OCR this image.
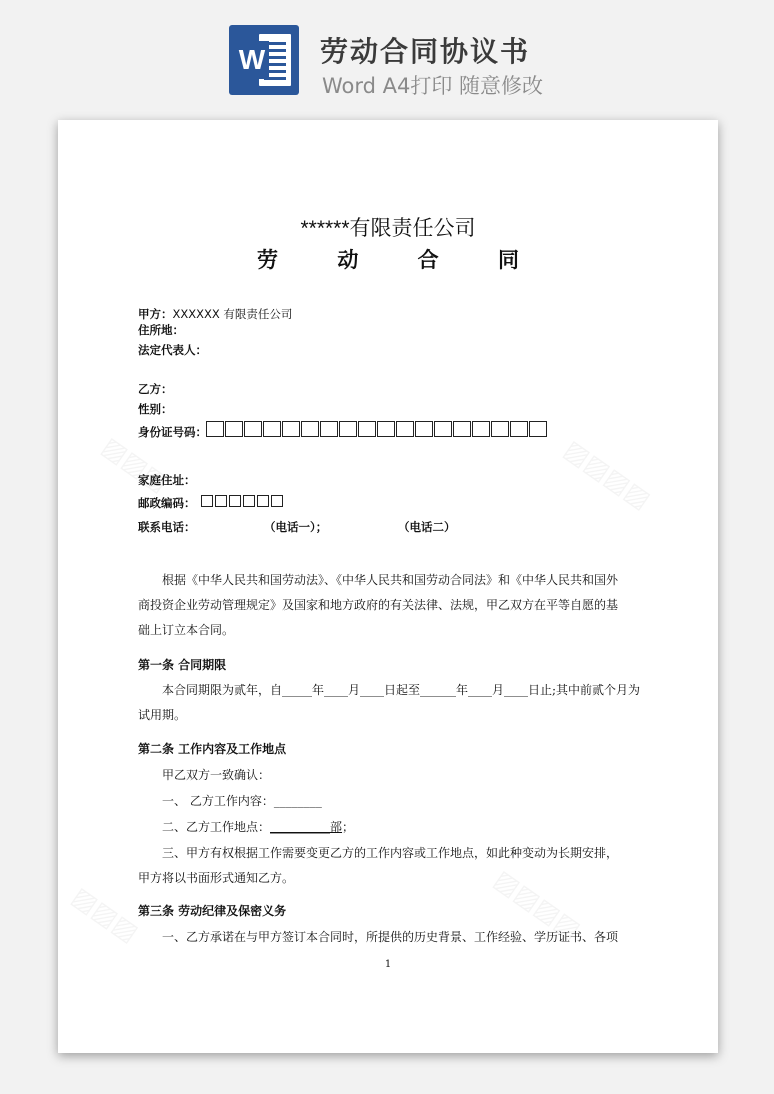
W 劳动合同协议书
Word A4打印 随意修改
******有限责任公司
劳 动 合 同
甲方：XXXXXX 有限责任公司
住所地：
法定代表人：
乙方：
性别：
身份证号码：
家庭住址：
邮政编码：
联系电话：	（电话一）；	（电话二）
根据《中华人民共和国劳动法》、《中华人民共和国劳动合同法》和《中华人民共和国外
商投资企业劳动管理规定》及国家和地方政府的有关法律、法规，甲乙双方在平等自愿的基
础上订立本合同。
第一条 合同期限
本合同期限为贰年，自_____年____月____日起至______年____月____日止;其中前贰个月为
试用期。
第二条 工作内容及工作地点
甲乙双方一致确认：
一、 乙方工作内容：________
二、乙方工作地点：__________部；
三、甲方有权根据工作需要变更乙方的工作内容或工作地点，如此种变动为长期安排，
甲方将以书面形式通知乙方。
第三条 劳动纪律及保密义务
一、乙方承诺在与甲方签订本合同时，所提供的历史背景、工作经验、学历证书、各项
1
